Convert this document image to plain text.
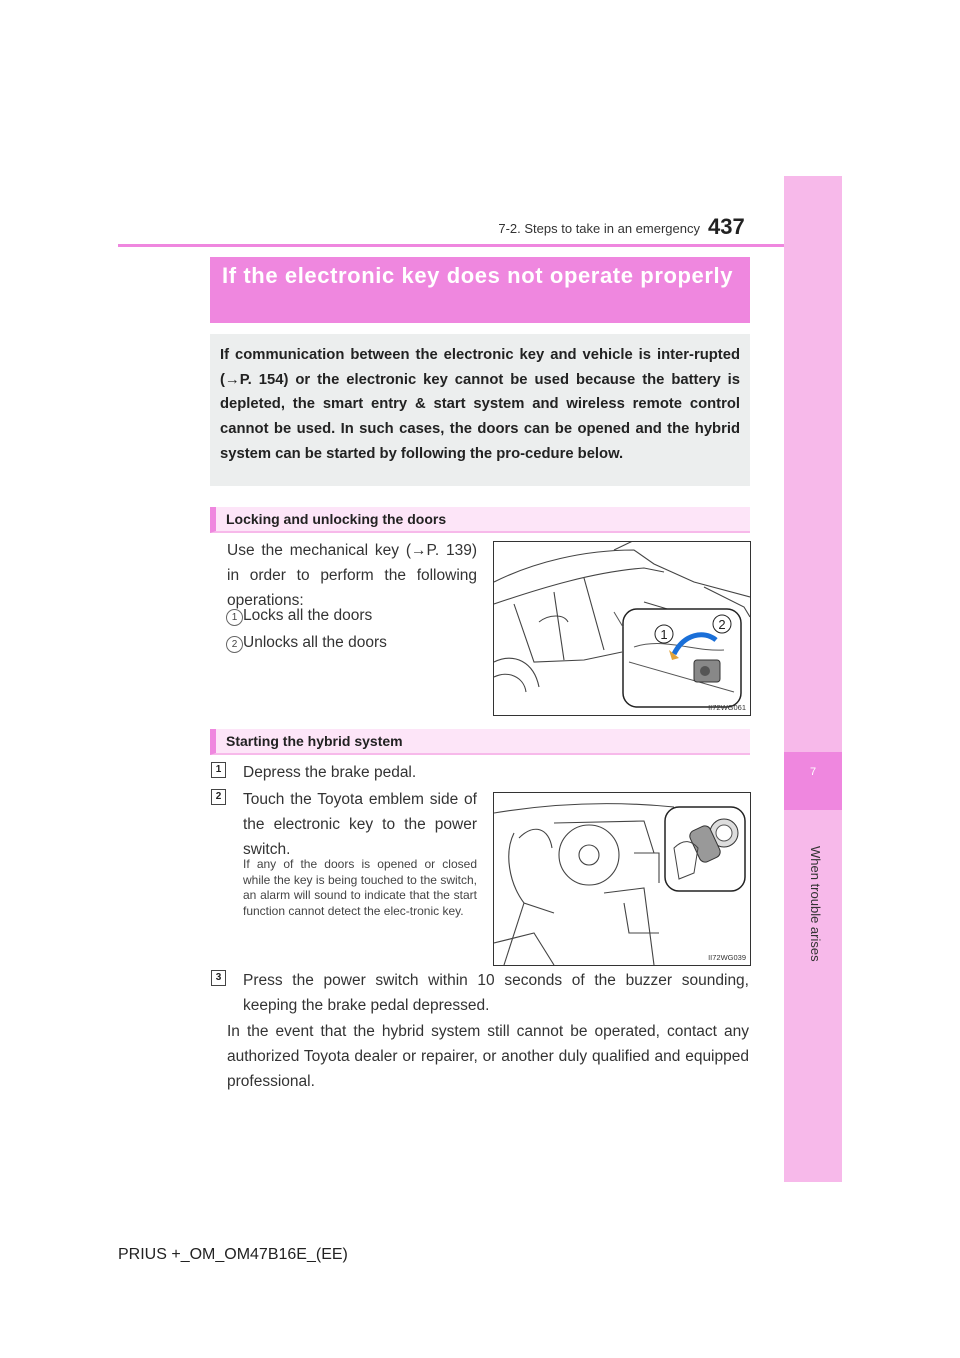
7
When trouble arises
7-2. Steps to take in an emergency 437
If the electronic key does not operate properly
If communication between the electronic key and vehicle is inter-rupted (→P. 154) or the electronic key cannot be used because the battery is depleted, the smart entry & start system and wireless remote control cannot be used. In such cases, the doors can be opened and the hybrid system can be started by following the pro-cedure below.
Locking and unlocking the doors
Use the mechanical key (→P. 139) in order to perform the following operations:
1 Locks all the doors
2 Unlocks all the doors	1
2
II72WG061
Starting the hybrid system
1	Depress the brake pedal.
2	Touch the Toyota emblem side of the electronic key to the power switch.
If any of the doors is opened or closed while the key is being touched to the switch, an alarm will sound to indicate that the start function cannot detect the elec-tronic key.
II72WG039
3	Press the power switch within 10 seconds of the buzzer sounding, keeping the brake pedal depressed.
In the event that the hybrid system still cannot be operated, contact any authorized Toyota dealer or repairer, or another duly qualified and equipped professional.
PRIUS +_OM_OM47B16E_(EE)
